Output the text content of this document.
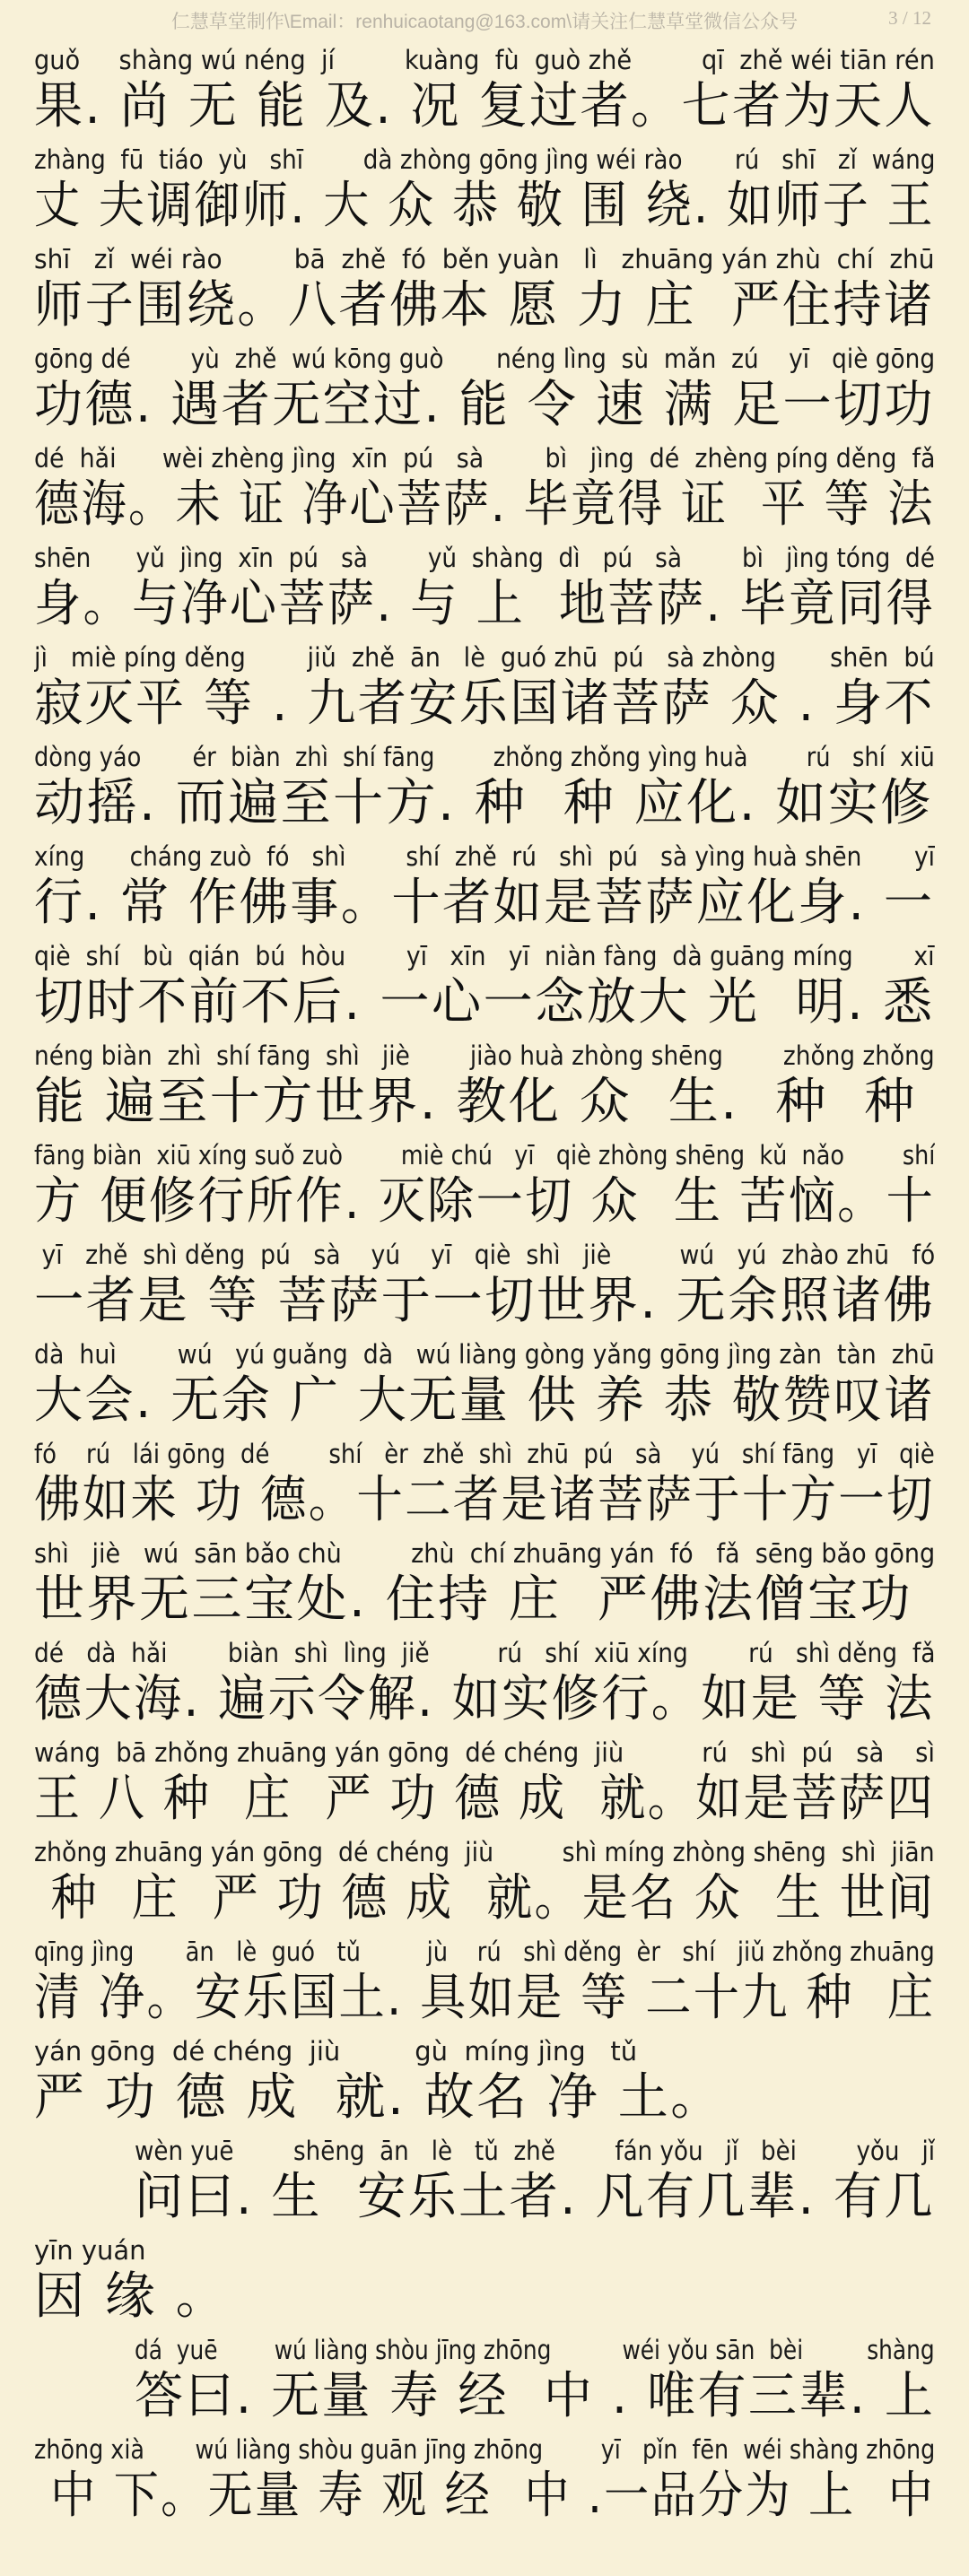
仁慧草堂制作\Email：renhuicaotang@163.com\请关注仁慧草堂微信公众号	3 / 12
guǒ     shàng wú néng  jí         kuàng  fù  guò zhě         qī  zhě wéi tiān rén
果. 尚 无 能 及. 况 复过者。七者为天人
zhàng  fū  tiáo  yù   shī        dà zhòng gōng jìng wéi rào       rú   shī   zǐ  wáng
丈 夫调御师. 大 众 恭 敬 围 绕. 如师子 王
shī   zǐ  wéi rào         bā  zhě  fó  běn yuàn   lì   zhuāng yán zhù  chí  zhū
师子围绕。八者佛本 愿 力 庄  严住持诸
gōng dé        yù  zhě  wú kōng guò       néng lìng  sù  mǎn  zú    yī   qiè gōng
功德. 遇者无空过. 能 令 速 满 足一切功
dé  hǎi      wèi zhèng jìng  xīn  pú   sà        bì   jìng  dé  zhèng píng děng  fǎ
德海。未 证 净心菩萨. 毕竟得 证  平 等 法
shēn      yǔ  jìng  xīn  pú   sà        yǔ  shàng  dì   pú   sà        bì   jìng tóng  dé
身。与净心菩萨. 与 上  地菩萨. 毕竟同得
jì   miè píng děng        jiǔ  zhě  ān   lè  guó zhū  pú   sà zhòng       shēn  bú
寂灭平 等 . 九者安乐国诸菩萨 众 . 身不
dòng yáo       ér  biàn  zhì  shí fāng        zhǒng zhǒng yìng huà        rú   shí  xiū
动摇. 而遍至十方. 种  种 应化. 如实修
xíng      cháng zuò  fó   shì        shí  zhě  rú   shì  pú   sà yìng huà shēn       yī
行. 常 作佛事。十者如是菩萨应化身. 一
qiè  shí   bù  qián  bú  hòu        yī   xīn   yī  niàn fàng  dà guāng míng        xī
切时不前不后. 一心一念放大 光  明. 悉
néng biàn  zhì  shí fāng  shì   jiè        jiào huà zhòng shēng        zhǒng zhǒng
能 遍至十方世界. 教化 众  生.  种  种
fāng biàn  xiū xíng suǒ zuò        miè chú   yī   qiè zhòng shēng  kǔ  nǎo        shí
方 便修行所作. 灭除一切 众  生 苦恼。十
yī   zhě  shì děng  pú   sà    yú    yī   qiè  shì   jiè         wú   yú  zhào zhū   fó
一者是 等 菩萨于一切世界. 无余照诸佛
dà  huì        wú   yú guǎng  dà   wú liàng gòng yǎng gōng jìng zàn  tàn  zhū
大会. 无余 广 大无量 供 养 恭 敬赞叹诸
fó    rú   lái gōng  dé        shí   èr  zhě  shì  zhū  pú   sà    yú   shí fāng   yī   qiè
佛如来 功 德。十二者是诸菩萨于十方一切
shì   jiè   wú  sān bǎo chù         zhù  chí zhuāng yán  fó   fǎ  sēng bǎo gōng
世界无三宝处. 住持 庄  严佛法僧宝功
dé   dà  hǎi        biàn  shì  lìng  jiě         rú   shí  xiū xíng        rú   shì děng  fǎ
德大海. 遍示令解. 如实修行。如是 等 法
wáng  bā zhǒng zhuāng yán gōng  dé chéng  jiù          rú   shì  pú   sà    sì
王 八 种  庄  严 功 德 成  就。如是菩萨四
zhǒng zhuāng yán gōng  dé chéng  jiù         shì míng zhòng shēng  shì  jiān
种  庄  严 功 德 成  就。是名 众  生 世间
qīng jìng       ān   lè  guó   tǔ         jù    rú   shì děng  èr   shí   jiǔ zhǒng zhuāng
清 净。安乐国土. 具如是 等 二十九 种  庄
yán gōng  dé chéng  jiù         gù  míng jìng   tǔ
严 功 德 成  就. 故名 净 土。
wèn yuē        shēng  ān   lè   tǔ  zhě        fán yǒu   jǐ   bèi        yǒu   jǐ
问曰. 生  安乐土者. 凡有几辈. 有几
yīn yuán
因 缘 。
dá  yuē        wú liàng shòu jīng zhōng          wéi yǒu sān  bèi         shàng
答曰. 无量 寿 经  中 . 唯有三辈. 上
zhōng xià       wú liàng shòu guān jīng zhōng        yī   pǐn  fēn  wéi shàng zhōng
中 下。无量 寿 观 经  中 .一品分为 上  中
